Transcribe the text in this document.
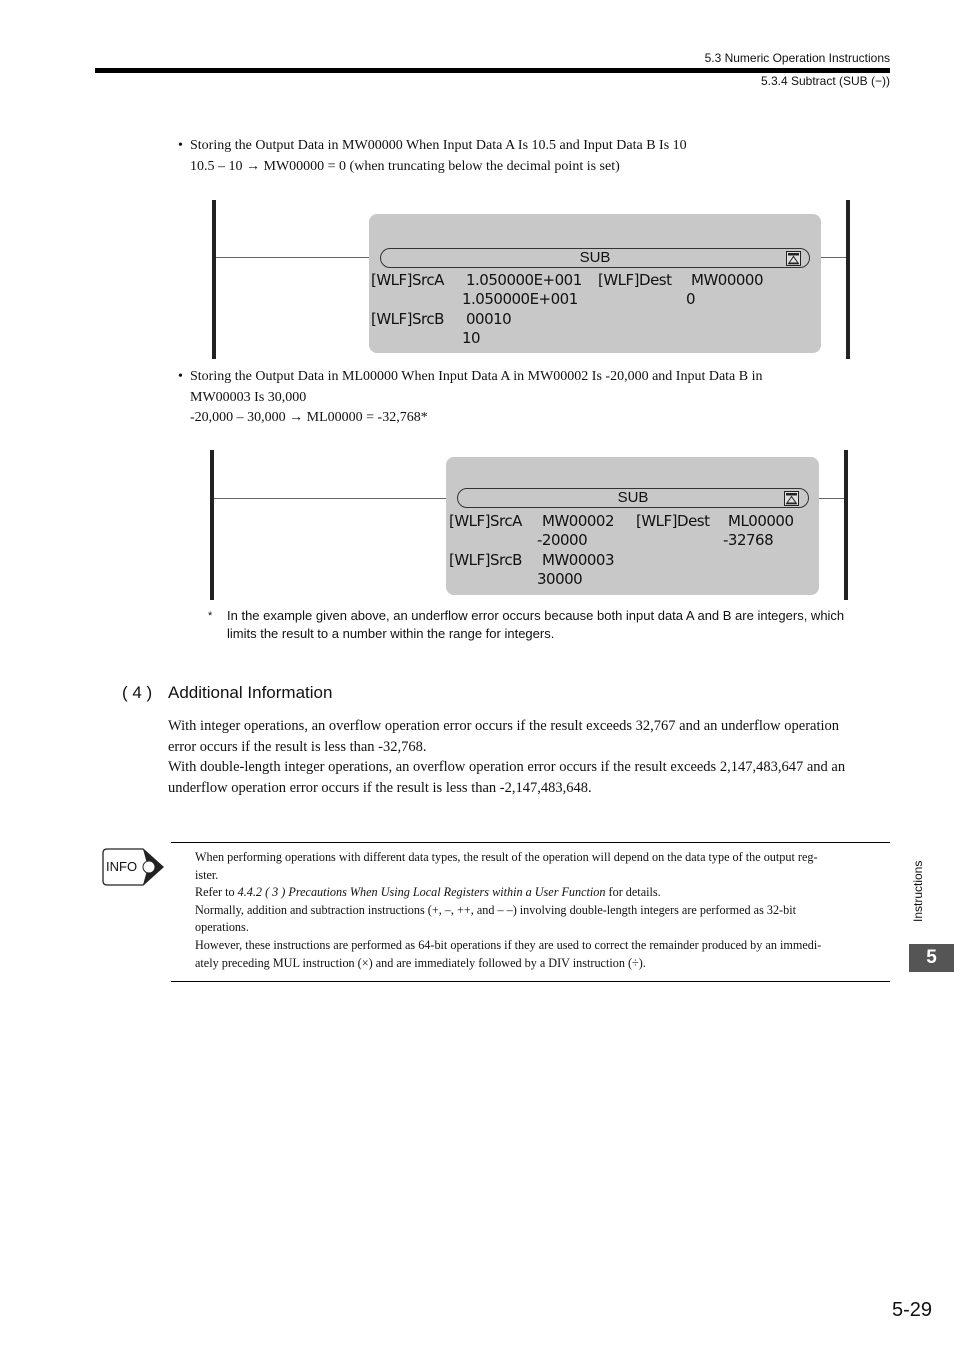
5.3 Numeric Operation Instructions
5.3.4 Subtract (SUB (−))
• Storing the Output Data in MW00000 When Input Data A Is 10.5 and Input Data B Is 10
10.5 – 10 → MW00000 = 0 (when truncating below the decimal point is set)
SUB
[WLF]SrcA 1.050000E+001 [WLF]Dest MW00000
1.050000E+001	0
[WLF]SrcB 00010
10
• Storing the Output Data in ML00000 When Input Data A in MW00002 Is -20,000 and Input Data B in
MW00003 Is 30,000
-20,000 – 30,000 → ML00000 = -32,768*
SUB
[WLF]SrcA MW00002 [WLF]Dest ML00000
-20000	-32768
[WLF]SrcB MW00003
30000
* In the example given above, an underflow error occurs because both input data A and B are integers, which
limits the result to a number within the range for integers.
( 4 ) Additional Information
With integer operations, an overflow operation error occurs if the result exceeds 32,767 and an underflow operation
error occurs if the result is less than -32,768.
With double-length integer operations, an overflow operation error occurs if the result exceeds 2,147,483,647 and an
underflow operation error occurs if the result is less than -2,147,483,648.
INFO
When performing operations with different data types, the result of the operation will depend on the data type of the output reg-
ister.
Refer to 4.4.2 ( 3 ) Precautions When Using Local Registers within a User Function for details.
Normally, addition and subtraction instructions (+, –, ++, and – –) involving double-length integers are performed as 32-bit
operations.
However, these instructions are performed as 64-bit operations if they are used to correct the remainder produced by an immedi-
ately preceding MUL instruction (×) and are immediately followed by a DIV instruction (÷).
Instructions
5
5-29
